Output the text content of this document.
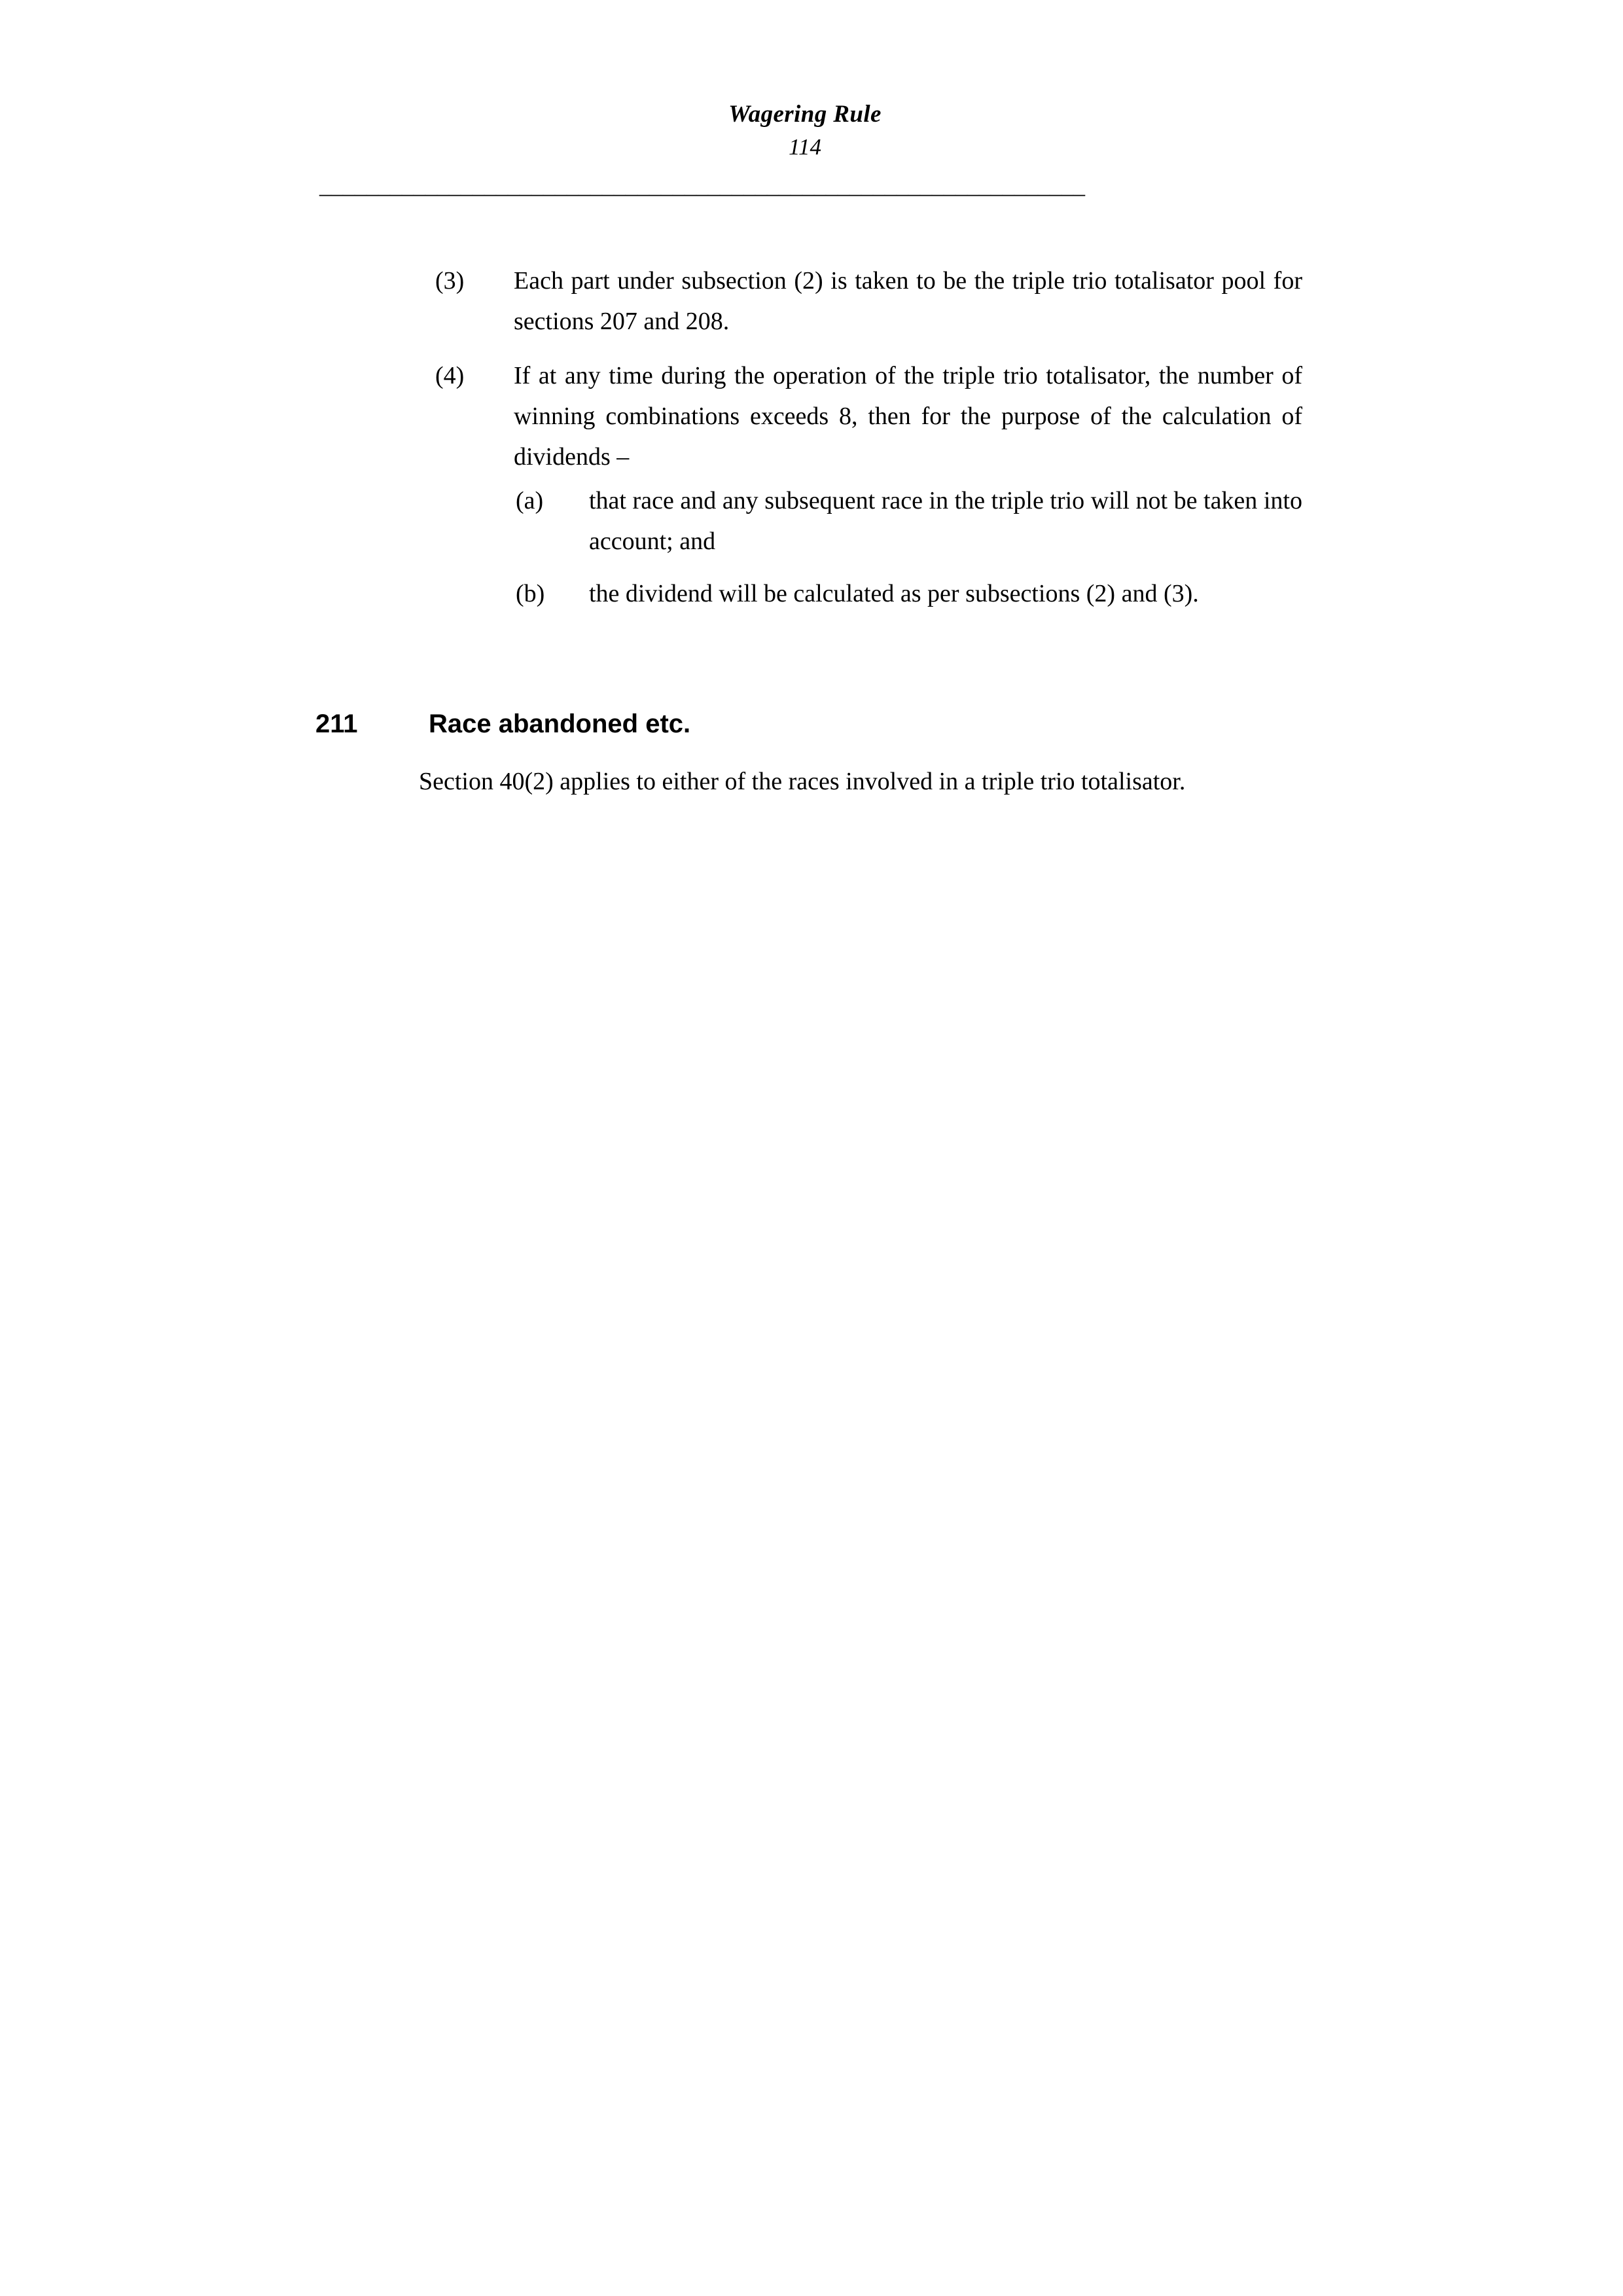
Wagering Rule
114
_________________________________________________________________
(3)	Each part under subsection (2) is taken to be the triple trio totalisator pool for sections 207 and 208.
(4)	If at any time during the operation of the triple trio totalisator, the number of winning combinations exceeds 8, then for the purpose of the calculation of dividends –
(a)	that race and any subsequent race in the triple trio will not be taken into account; and
(b)	the dividend will be calculated as per subsections (2) and (3).
211	Race abandoned etc.
Section 40(2) applies to either of the races involved in a triple trio totalisator.
